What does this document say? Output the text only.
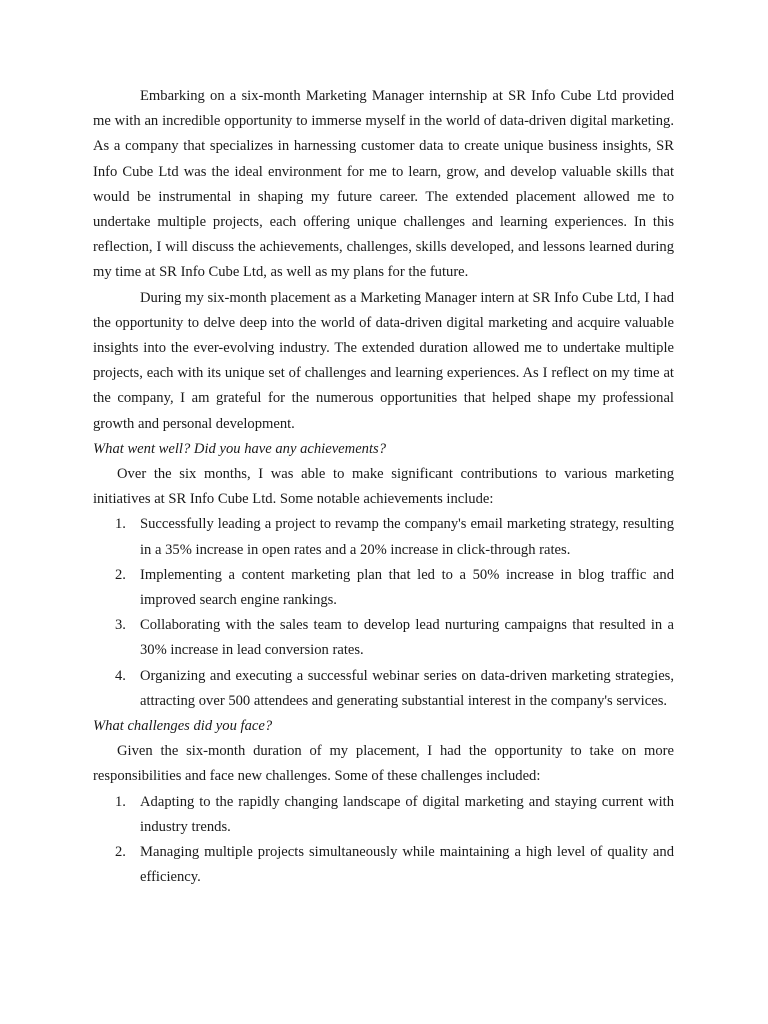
Embarking on a six-month Marketing Manager internship at SR Info Cube Ltd provided me with an incredible opportunity to immerse myself in the world of data-driven digital marketing. As a company that specializes in harnessing customer data to create unique business insights, SR Info Cube Ltd was the ideal environment for me to learn, grow, and develop valuable skills that would be instrumental in shaping my future career. The extended placement allowed me to undertake multiple projects, each offering unique challenges and learning experiences. In this reflection, I will discuss the achievements, challenges, skills developed, and lessons learned during my time at SR Info Cube Ltd, as well as my plans for the future.

During my six-month placement as a Marketing Manager intern at SR Info Cube Ltd, I had the opportunity to delve deep into the world of data-driven digital marketing and acquire valuable insights into the ever-evolving industry. The extended duration allowed me to undertake multiple projects, each with its unique set of challenges and learning experiences. As I reflect on my time at the company, I am grateful for the numerous opportunities that helped shape my professional growth and personal development.

What went well? Did you have any achievements?

Over the six months, I was able to make significant contributions to various marketing initiatives at SR Info Cube Ltd. Some notable achievements include:

1. Successfully leading a project to revamp the company's email marketing strategy, resulting in a 35% increase in open rates and a 20% increase in click-through rates.
2. Implementing a content marketing plan that led to a 50% increase in blog traffic and improved search engine rankings.
3. Collaborating with the sales team to develop lead nurturing campaigns that resulted in a 30% increase in lead conversion rates.
4. Organizing and executing a successful webinar series on data-driven marketing strategies, attracting over 500 attendees and generating substantial interest in the company's services.

What challenges did you face?

Given the six-month duration of my placement, I had the opportunity to take on more responsibilities and face new challenges. Some of these challenges included:

1. Adapting to the rapidly changing landscape of digital marketing and staying current with industry trends.
2. Managing multiple projects simultaneously while maintaining a high level of quality and efficiency.
